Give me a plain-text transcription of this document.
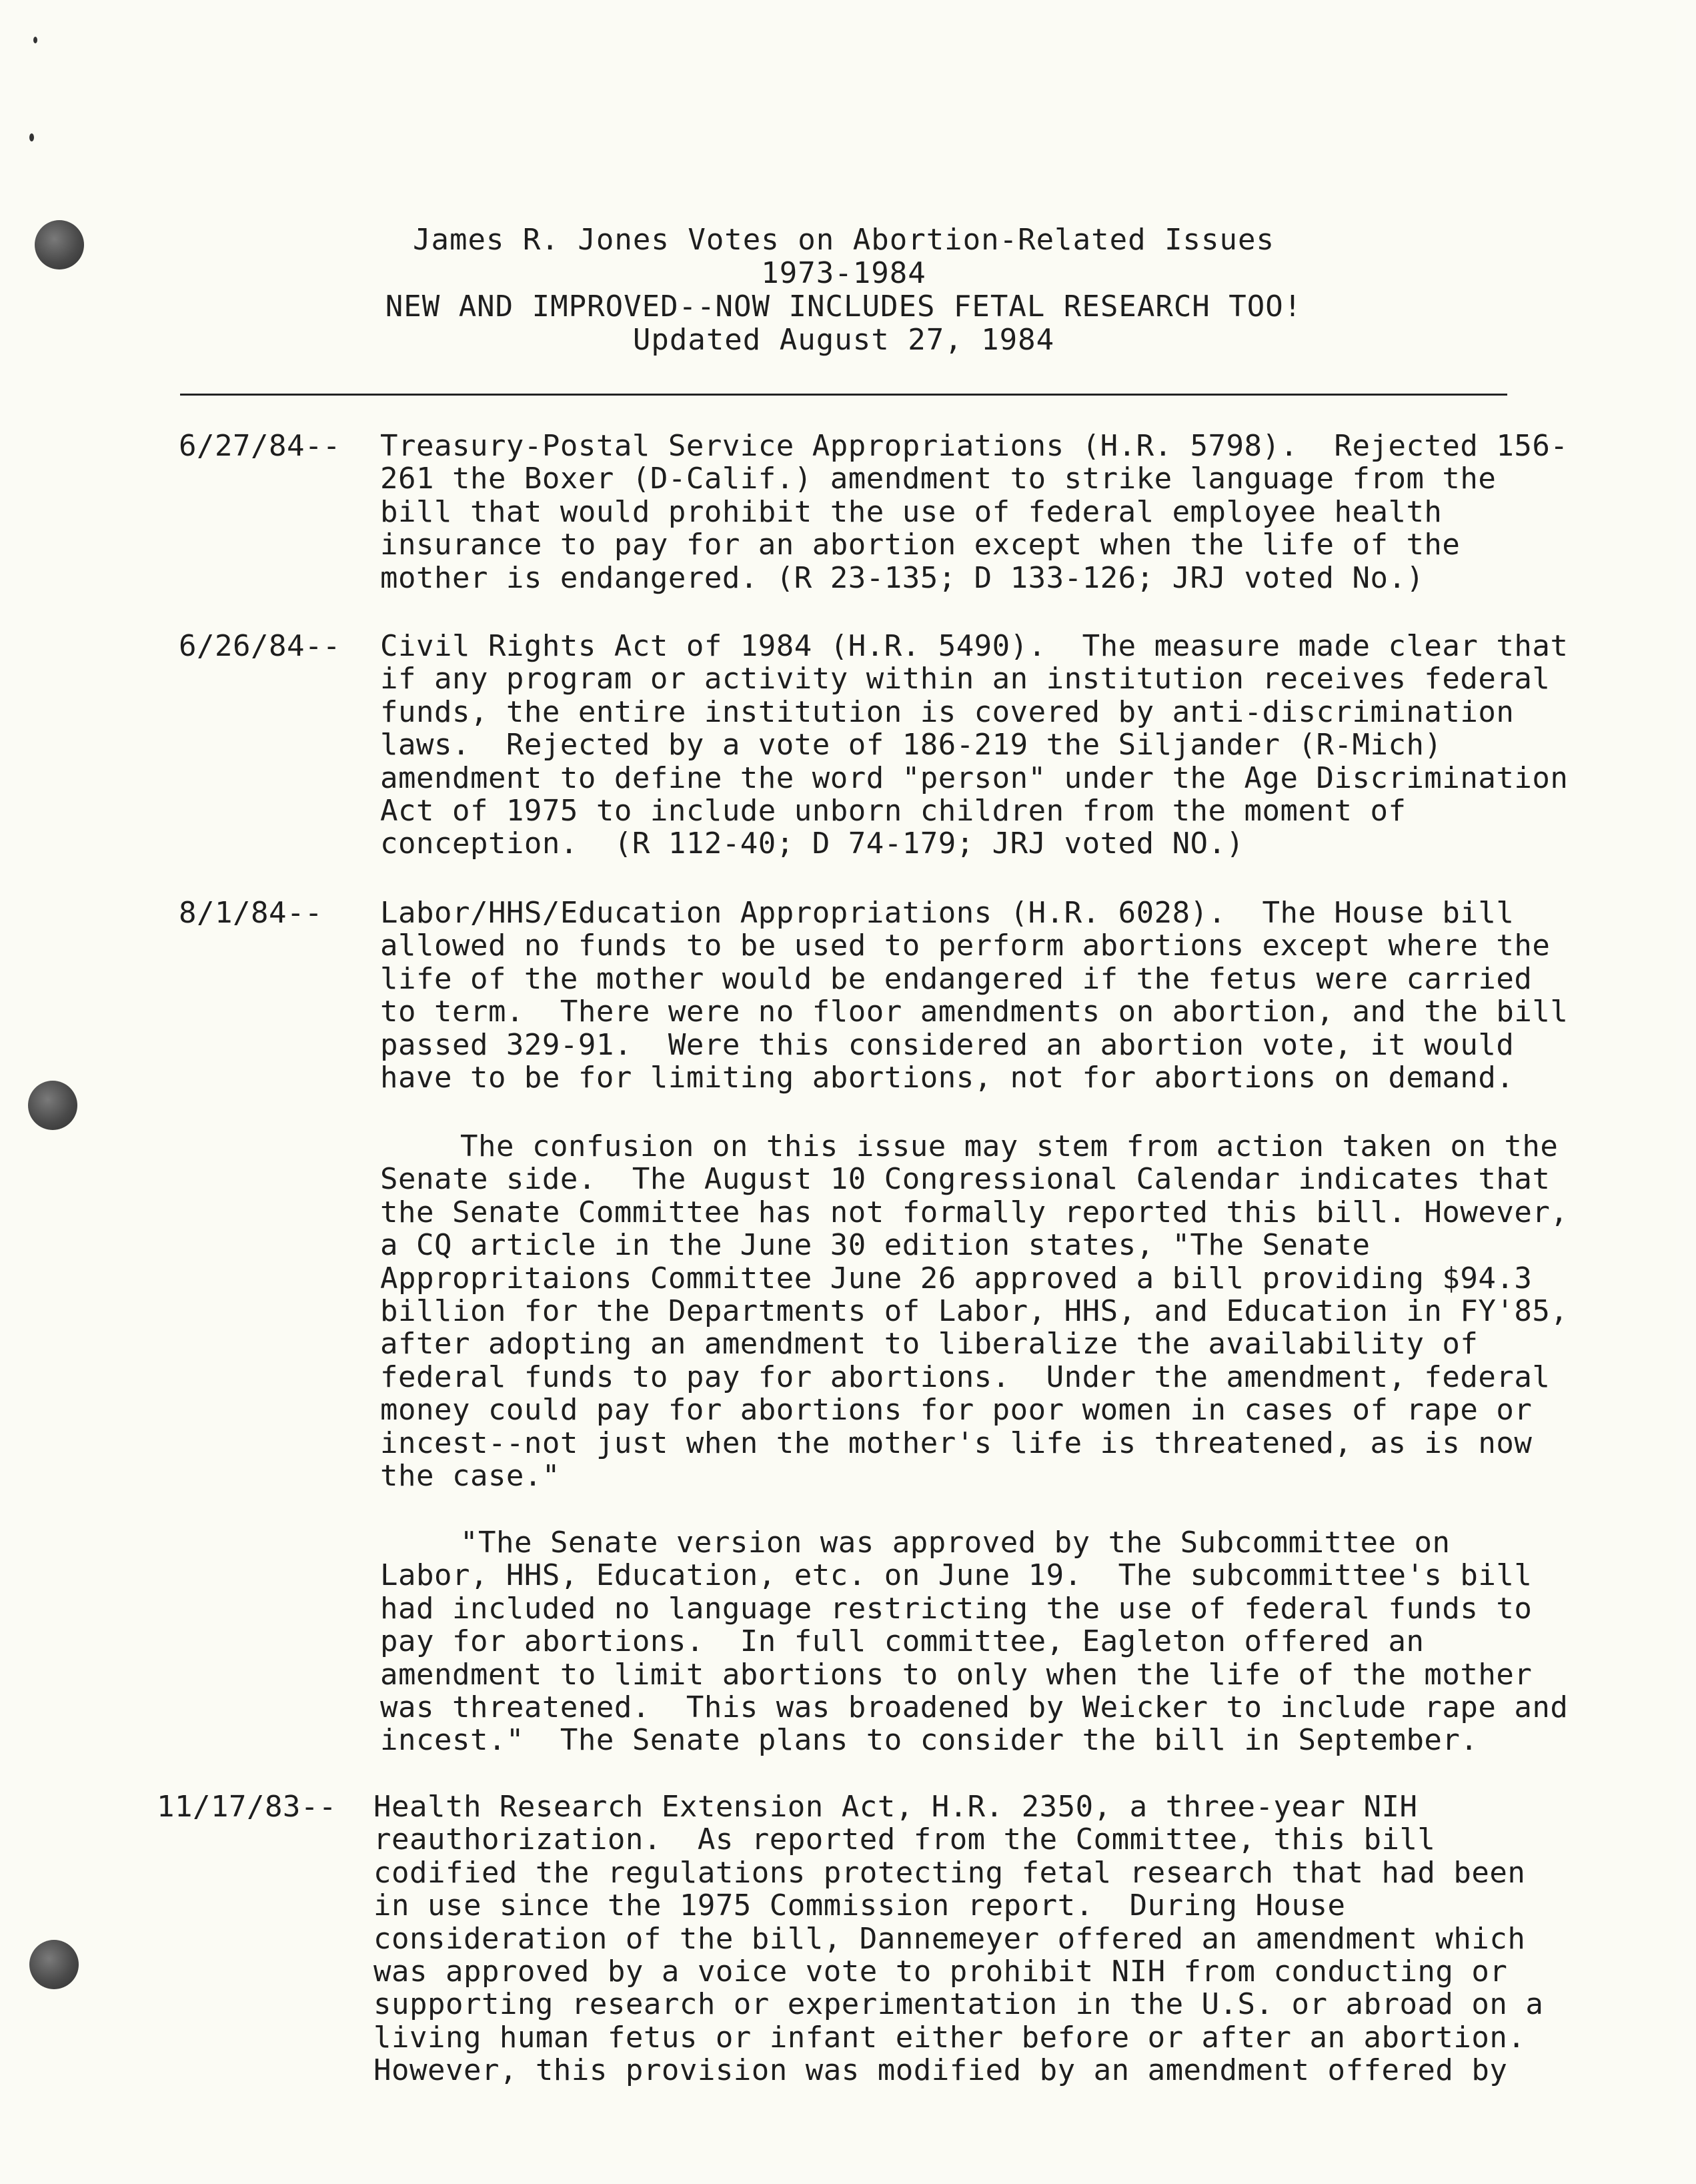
James R. Jones Votes on Abortion-Related Issues
1973-1984
NEW AND IMPROVED--NOW INCLUDES FETAL RESEARCH TOO!
Updated August 27, 1984
6/27/84-- Treasury-Postal Service Appropriations (H.R. 5798).  Rejected 156-
261 the Boxer (D-Calif.) amendment to strike language from the
bill that would prohibit the use of federal employee health
insurance to pay for an abortion except when the life of the
mother is endangered. (R 23-135; D 133-126; JRJ voted No.)
6/26/84-- Civil Rights Act of 1984 (H.R. 5490).  The measure made clear that
if any program or activity within an institution receives federal
funds, the entire institution is covered by anti-discrimination
laws.  Rejected by a vote of 186-219 the Siljander (R-Mich)
amendment to define the word "person" under the Age Discrimination
Act of 1975 to include unborn children from the moment of
conception.  (R 112-40; D 74-179; JRJ voted NO.)
8/1/84-- Labor/HHS/Education Appropriations (H.R. 6028).  The House bill
allowed no funds to be used to perform abortions except where the
life of the mother would be endangered if the fetus were carried
to term.  There were no floor amendments on abortion, and the bill
passed 329-91.  Were this considered an abortion vote, it would
have to be for limiting abortions, not for abortions on demand.
The confusion on this issue may stem from action taken on the
Senate side.  The August 10 Congressional Calendar indicates that
the Senate Committee has not formally reported this bill. However,
a CQ article in the June 30 edition states, "The Senate
Appropritaions Committee June 26 approved a bill providing $94.3
billion for the Departments of Labor, HHS, and Education in FY'85,
after adopting an amendment to liberalize the availability of
federal funds to pay for abortions.  Under the amendment, federal
money could pay for abortions for poor women in cases of rape or
incest--not just when the mother's life is threatened, as is now
the case."
"The Senate version was approved by the Subcommittee on
Labor, HHS, Education, etc. on June 19.  The subcommittee's bill
had included no language restricting the use of federal funds to
pay for abortions.  In full committee, Eagleton offered an
amendment to limit abortions to only when the life of the mother
was threatened.  This was broadened by Weicker to include rape and
incest."  The Senate plans to consider the bill in September.
11/17/83-- Health Research Extension Act, H.R. 2350, a three-year NIH
reauthorization.  As reported from the Committee, this bill
codified the regulations protecting fetal research that had been
in use since the 1975 Commission report.  During House
consideration of the bill, Dannemeyer offered an amendment which
was approved by a voice vote to prohibit NIH from conducting or
supporting research or experimentation in the U.S. or abroad on a
living human fetus or infant either before or after an abortion.
However, this provision was modified by an amendment offered by
